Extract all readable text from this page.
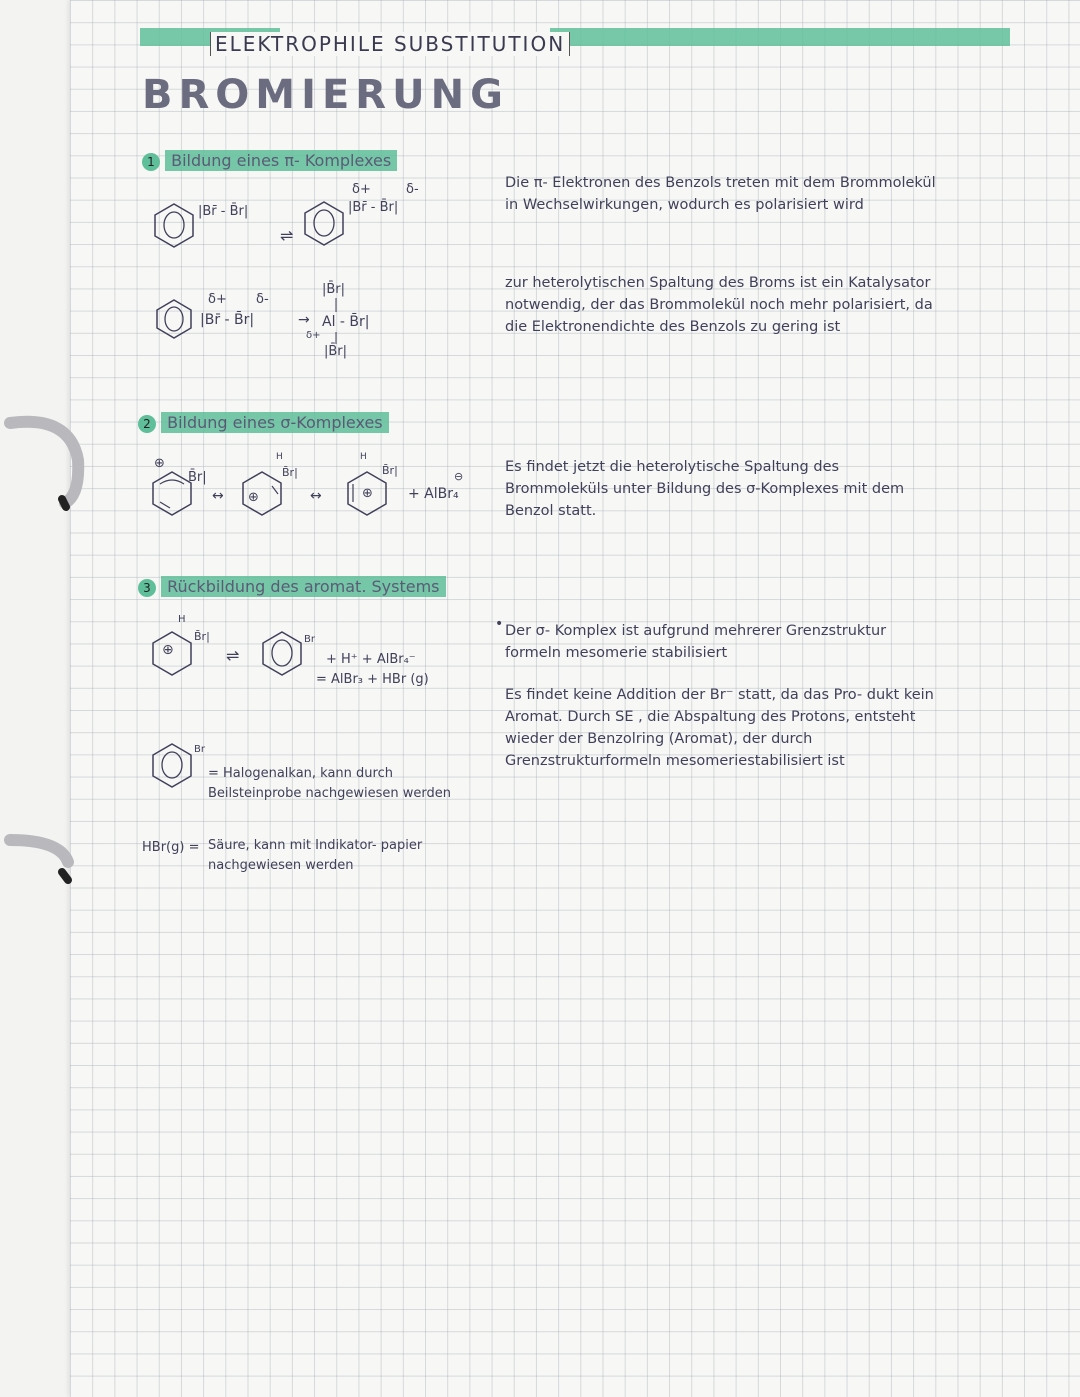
ELEKTROPHILE SUBSTITUTION
BROMIERUNG
1 Bildung eines π- Komplexes
|Br̄ - B̄r|
⇌
δ+	δ-
|Br̄ - B̄r|
δ+ δ-
|Br̄ - B̄r|	→
|B̄r|
Al - B̄r|
δ+
|B̄r|
Die π- Elektronen des Benzols treten mit dem Brommolekül in Wechselwirkungen, wodurch es polarisiert wird
zur heterolytischen Spaltung des Broms ist ein Katalysator notwendig, der das Brommolekül noch mehr polarisiert, da die Elektronendichte des Benzols zu gering ist
2 Bildung eines σ-Komplexes
⊕
B̄r|
↔ ⊕
H
B̄r|
↔	⊕
H
B̄r|
+ AlBr₄
⊖
Es findet jetzt die heterolytische Spaltung des Brommoleküls unter Bildung des σ-Komplexes mit dem Benzol statt.
3 Rückbildung des aromat. Systems
⊕
H
B̄r|
⇌
Br
+ H⁺ + AlBr₄⁻
= AlBr₃ + HBr (g)
Br
= Halogenalkan, kann durch Beilsteinprobe nachgewiesen werden
HBr(g) = Säure, kann mit Indikator- papier nachgewiesen werden
• Der σ- Komplex ist aufgrund mehrerer Grenzstruktur formeln mesomerie stabilisiert
Es findet keine Addition der Br⁻ statt, da das Pro- dukt kein Aromat. Durch SE , die Abspaltung des Protons, entsteht wieder der Benzolring (Aromat), der durch Grenzstrukturformeln mesomeriestabilisiert ist
